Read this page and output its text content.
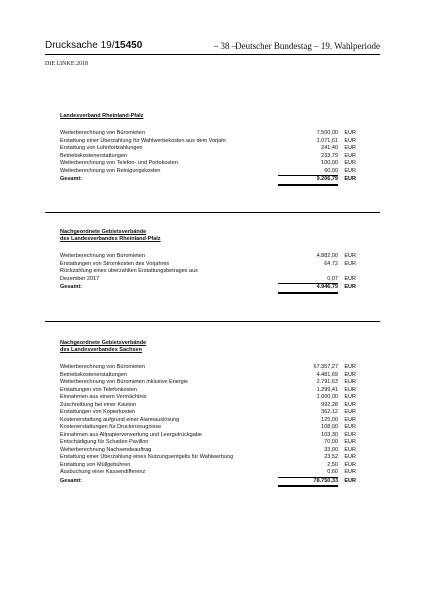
Drucksache 19/15450	– 38 –
Deutscher Bundestag – 19. Wahlperiode
DIE LINKE 2018
Landesverband Rheinland-Pfalz
Weiterberechnung von Büromieten	7.500,00	EUR
Erstattung einer Überzahlung für Wahlwerbekosten aus dem Vorjahr	1.071,61	EUR
Erstattung von Lohnfortzahlungen	241,40	EUR
Betriebskostenerstattungen	233,79	EUR
Weiterberechnung von Telefon- und Portokosten	100,00	EUR
Weiterberechnung von Reinigungskosten	60,00	EUR
Gesamt:	9.206,79	EUR
Nachgeordnete Gebietsverbände
des Landesverbandes Rheinland-Pfalz
Weiterberechnung von Büromieten	4.882,00	EUR
Erstattungen von Stromkosten des Vorjahres	64,72	EUR
Rückzahlung eines überzahlten Erstattungsbetrages aus
Dezember 2017	0,07	EUR
Gesamt:	4.946,79	EUR
Nachgeordnete Gebietsverbände
des Landesverbandes Sachsen
Weiterberechnung von Büromieten	67.357,27	EUR
Betriebskostenerstattungen	4.481,69	EUR
Weiterberechnung von Büromieten inklusive Energie	2.791,63	EUR
Erstattungen von Telefonkosten	1.299,41	EUR
Einnahmen aus einem Vermächtnis	1.000,00	EUR
Zuschreibung bei einer Kaution	992,28	EUR
Erstattungen von Kopierkosten	362,12	EUR
Kostenerstattung aufgrund einer Alarmauslösung	125,00	EUR
Kostenerstattungen für Druckerzeugnisse	108,00	EUR
Einnahmen aus Altpapierverwertung und Leergutrückgabe	103,30	EUR
Entschädigung für Schaden Pavillon	70,00	EUR
Weiterberechnung Nachsendeauftrag	33,00	EUR
Erstattung einer Überzahlung eines Nutzungsentgelts für Wahlwerbung	23,52	EUR
Erstattung von Müllgebühren	2,50	EUR
Ausbuchung einer Kassendifferenz	0,60	EUR
Gesamt:	78.750,33	EUR
